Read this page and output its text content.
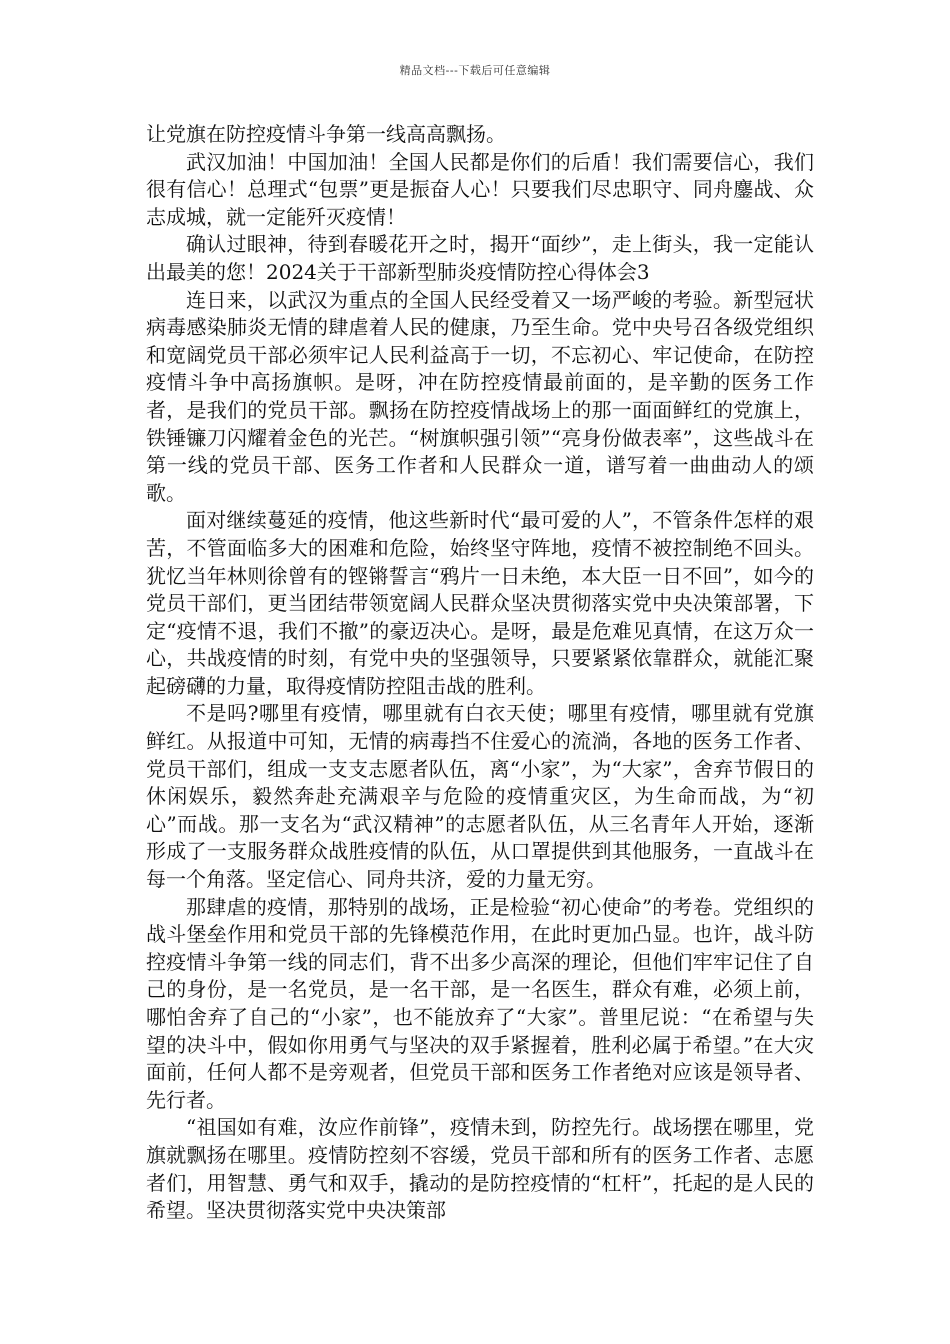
精品文档---下载后可任意编辑

让党旗在防控疫情斗争第一线高高飘扬。

武汉加油！中国加油！全国人民都是你们的后盾！我们需要信心，我们很有信心！总理式“包票”更是振奋人心！只要我们尽忠职守、同舟鏖战、众志成城，就一定能歼灭疫情！

确认过眼神，待到春暖花开之时，揭开“面纱”，走上街头，我一定能认出最美的您！2024关于干部新型肺炎疫情防控心得体会3

连日来，以武汉为重点的全国人民经受着又一场严峻的考验。新型冠状病毒感染肺炎无情的肆虐着人民的健康，乃至生命。党中央号召各级党组织和宽阔党员干部必须牢记人民利益高于一切，不忘初心、牢记使命，在防控疫情斗争中高扬旗帜。是呀，冲在防控疫情最前面的，是辛勤的医务工作者，是我们的党员干部。飘扬在防控疫情战场上的那一面面鲜红的党旗上，铁锤镰刀闪耀着金色的光芒。“树旗帜强引领”“亮身份做表率”，这些战斗在第一线的党员干部、医务工作者和人民群众一道，谱写着一曲曲动人的颂歌。

面对继续蔓延的疫情，他这些新时代“最可爱的人”，不管条件怎样的艰苦，不管面临多大的困难和危险，始终坚守阵地，疫情不被控制绝不回头。犹忆当年林则徐曾有的铿锵誓言“鸦片一日未绝，本大臣一日不回”，如今的党员干部们，更当团结带领宽阔人民群众坚决贯彻落实党中央决策部署，下定“疫情不退，我们不撤”的豪迈决心。是呀，最是危难见真情，在这万众一心，共战疫情的时刻，有党中央的坚强领导，只要紧紧依靠群众，就能汇聚起磅礴的力量，取得疫情防控阻击战的胜利。

不是吗?哪里有疫情，哪里就有白衣天使；哪里有疫情，哪里就有党旗鲜红。从报道中可知，无情的病毒挡不住爱心的流淌，各地的医务工作者、党员干部们，组成一支支志愿者队伍，离“小家”，为“大家”，舍弃节假日的休闲娱乐，毅然奔赴充满艰辛与危险的疫情重灾区，为生命而战，为“初心”而战。那一支名为“武汉精神”的志愿者队伍，从三名青年人开始，逐渐形成了一支服务群众战胜疫情的队伍，从口罩提供到其他服务，一直战斗在每一个角落。坚定信心、同舟共济，爱的力量无穷。

那肆虐的疫情，那特别的战场，正是检验“初心使命”的考卷。党组织的战斗堡垒作用和党员干部的先锋模范作用，在此时更加凸显。也许，战斗防控疫情斗争第一线的同志们，背不出多少高深的理论，但他们牢牢记住了自己的身份，是一名党员，是一名干部，是一名医生，群众有难，必须上前，哪怕舍弃了自己的“小家”，也不能放弃了“大家”。普里尼说：“在希望与失望的决斗中，假如你用勇气与坚决的双手紧握着，胜利必属于希望。”在大灾面前，任何人都不是旁观者，但党员干部和医务工作者绝对应该是领导者、先行者。

“祖国如有难，汝应作前锋”，疫情未到，防控先行。战场摆在哪里，党旗就飘扬在哪里。疫情防控刻不容缓，党员干部和所有的医务工作者、志愿者们，用智慧、勇气和双手，撬动的是防控疫情的“杠杆”，托起的是人民的希望。坚决贯彻落实党中央决策部
